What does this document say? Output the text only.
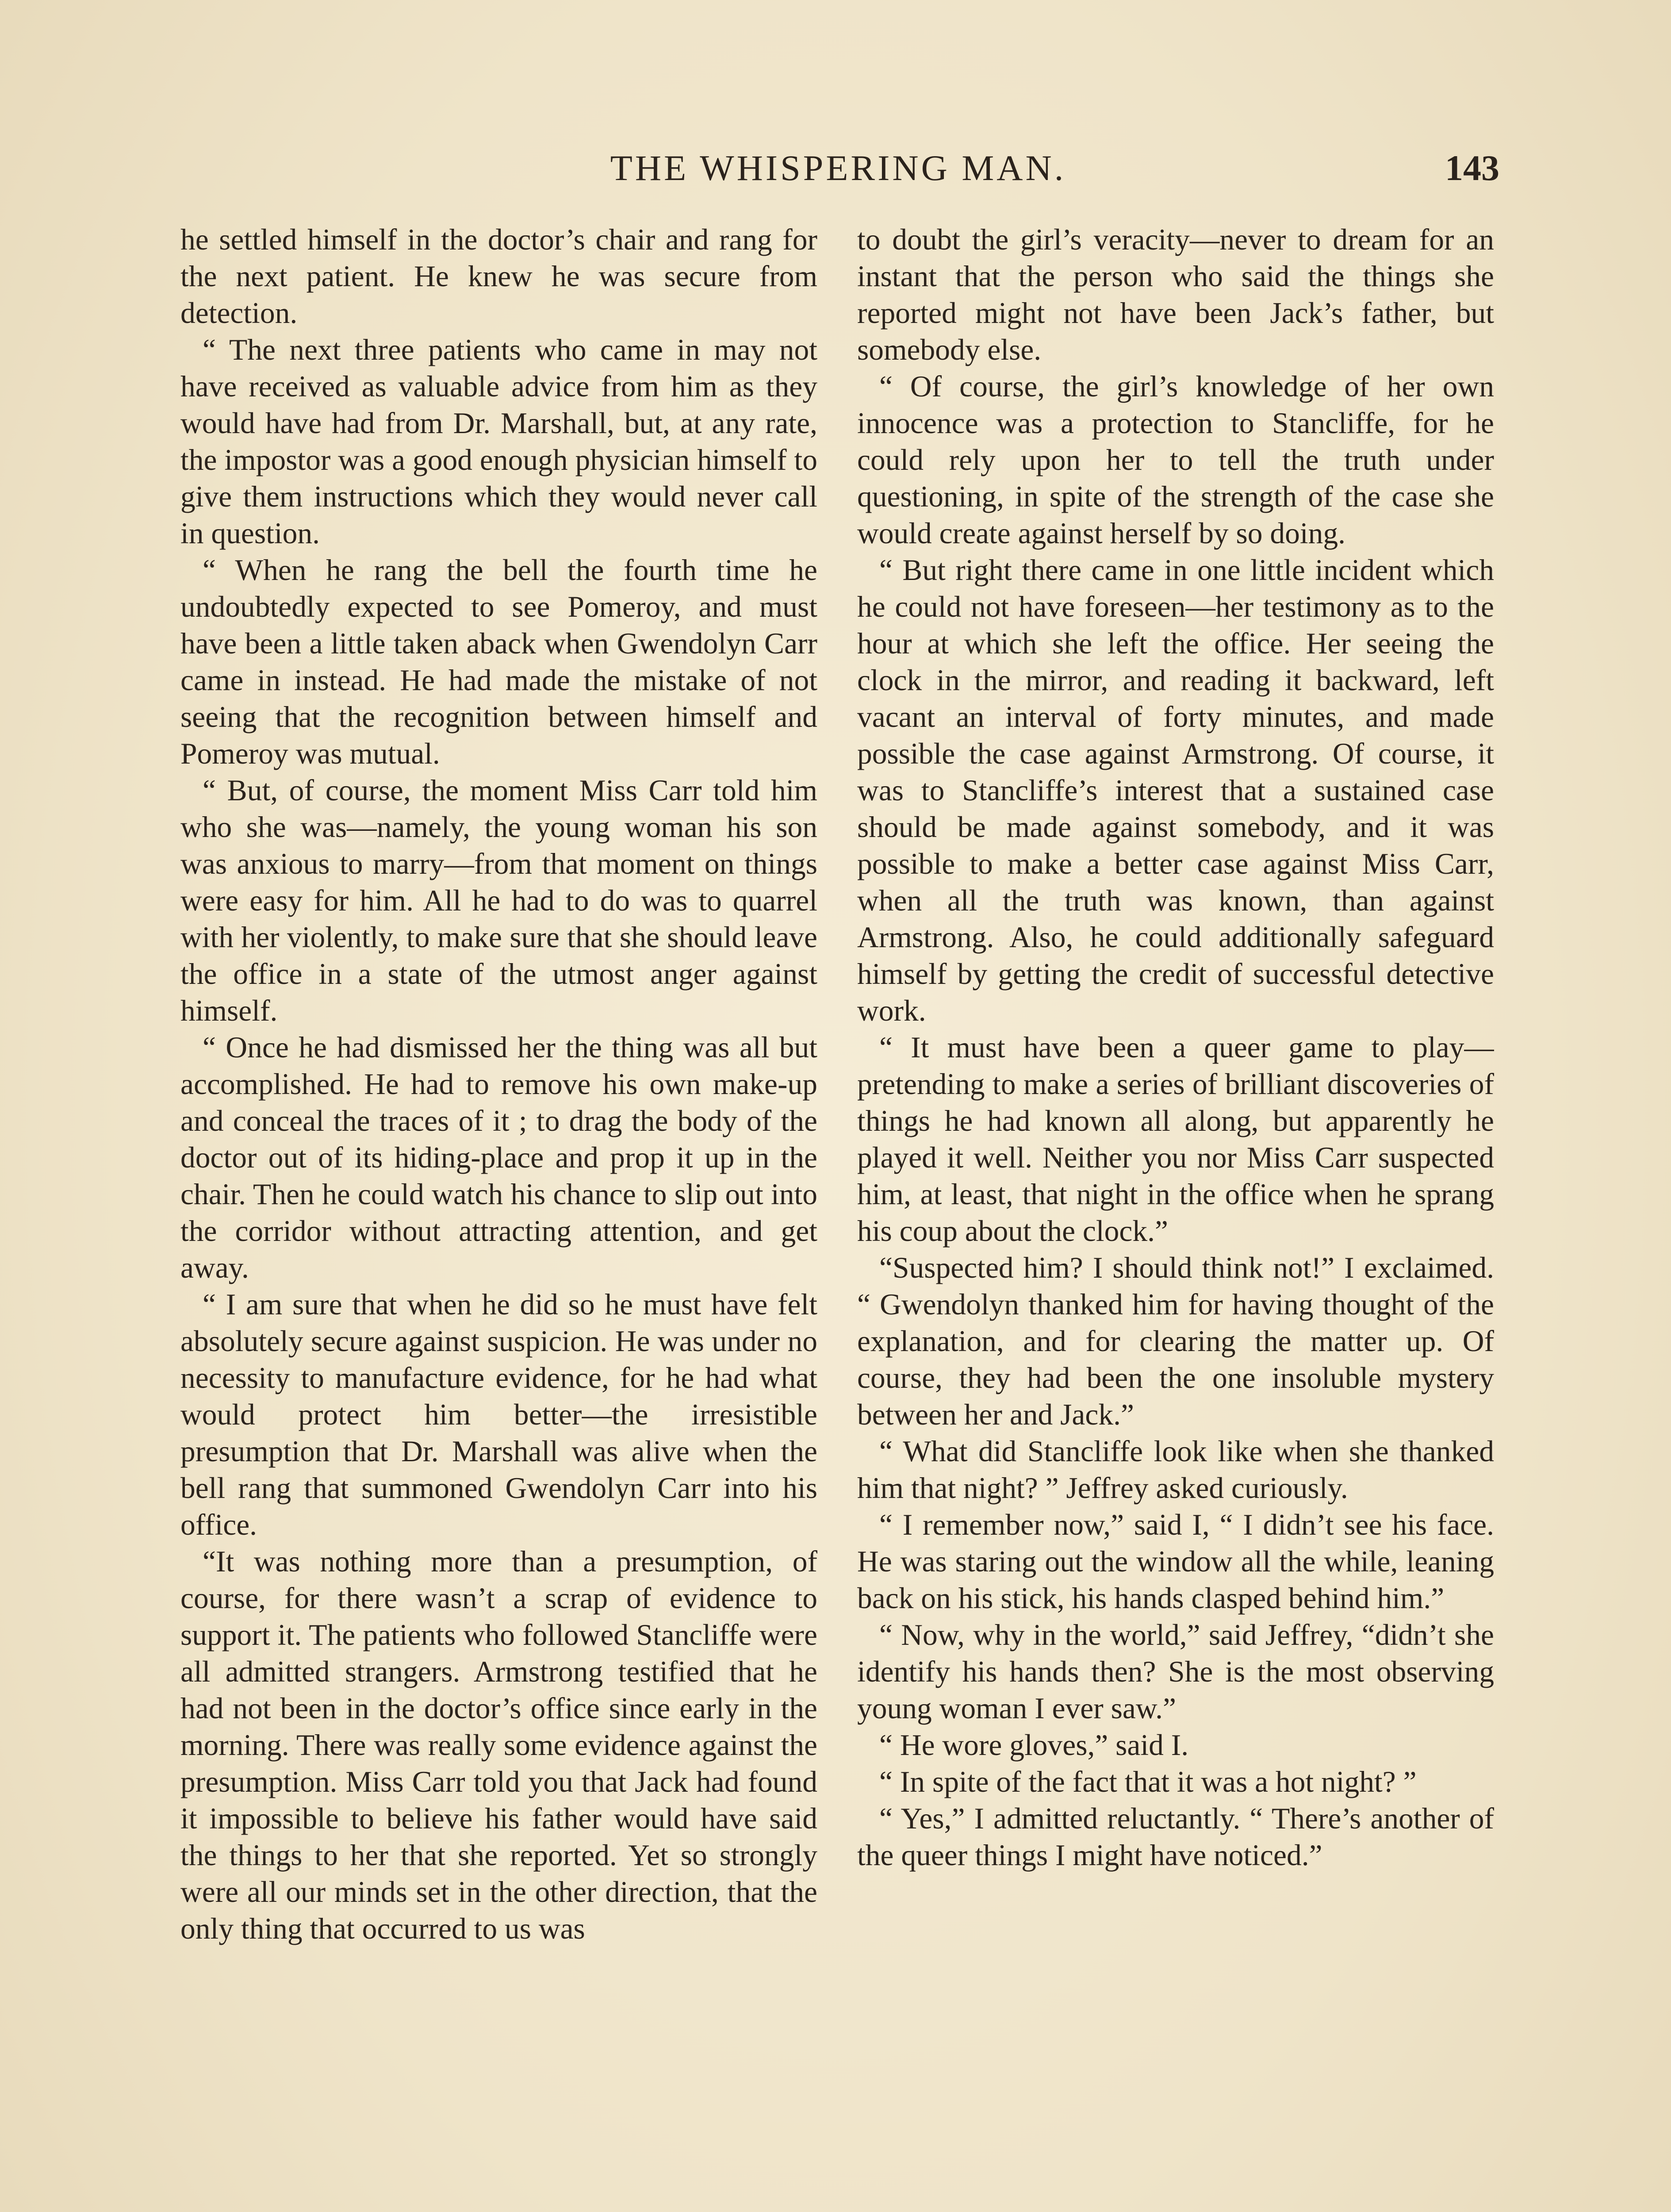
THE WHISPERING MAN.	143

he settled himself in the doctor’s chair and rang for the next patient. He knew he was secure from detection.

“ The next three patients who came in may not have received as valuable advice from him as they would have had from Dr. Marshall, but, at any rate, the impostor was a good enough physician himself to give them instructions which they would never call in question.

“ When he rang the bell the fourth time he undoubtedly expected to see Pomeroy, and must have been a little taken aback when Gwendolyn Carr came in instead. He had made the mistake of not seeing that the recognition between himself and Pomeroy was mutual.

“ But, of course, the moment Miss Carr told him who she was—namely, the young woman his son was anxious to marry—from that moment on things were easy for him. All he had to do was to quarrel with her violently, to make sure that she should leave the office in a state of the utmost anger against himself.

“ Once he had dismissed her the thing was all but accomplished. He had to remove his own make-up and conceal the traces of it ; to drag the body of the doctor out of its hiding-place and prop it up in the chair. Then he could watch his chance to slip out into the corridor without attracting attention, and get away.

“ I am sure that when he did so he must have felt absolutely secure against suspicion. He was under no necessity to manufacture evidence, for he had what would protect him better—the irresistible presumption that Dr. Marshall was alive when the bell rang that summoned Gwendolyn Carr into his office.

“It was nothing more than a presumption, of course, for there wasn’t a scrap of evidence to support it. The patients who followed Stancliffe were all admitted strangers. Armstrong testified that he had not been in the doctor’s office since early in the morning. There was really some evidence against the presumption. Miss Carr told you that Jack had found it impossible to believe his father would have said the things to her that she reported. Yet so strongly were all our minds set in the other direction, that the only thing that occurred to us was

to doubt the girl’s veracity—never to dream for an instant that the person who said the things she reported might not have been Jack’s father, but somebody else.

“ Of course, the girl’s knowledge of her own innocence was a protection to Stancliffe, for he could rely upon her to tell the truth under questioning, in spite of the strength of the case she would create against herself by so doing.

“ But right there came in one little incident which he could not have foreseen—her testimony as to the hour at which she left the office. Her seeing the clock in the mirror, and reading it backward, left vacant an interval of forty minutes, and made possible the case against Armstrong. Of course, it was to Stancliffe’s interest that a sustained case should be made against somebody, and it was possible to make a better case against Miss Carr, when all the truth was known, than against Armstrong. Also, he could additionally safeguard himself by getting the credit of successful detective work.

“ It must have been a queer game to play—pretending to make a series of brilliant discoveries of things he had known all along, but apparently he played it well. Neither you nor Miss Carr suspected him, at least, that night in the office when he sprang his coup about the clock.”

“Suspected him? I should think not!” I exclaimed. “ Gwendolyn thanked him for having thought of the explanation, and for clearing the matter up. Of course, they had been the one insoluble mystery between her and Jack.”

“ What did Stancliffe look like when she thanked him that night? ” Jeffrey asked curiously.

“ I remember now,” said I, “ I didn’t see his face. He was staring out the window all the while, leaning back on his stick, his hands clasped behind him.”

“ Now, why in the world,” said Jeffrey, “didn’t she identify his hands then? She is the most observing young woman I ever saw.”

“ He wore gloves,” said I.

“ In spite of the fact that it was a hot night? ”

“ Yes,” I admitted reluctantly. “ There’s another of the queer things I might have noticed.”
